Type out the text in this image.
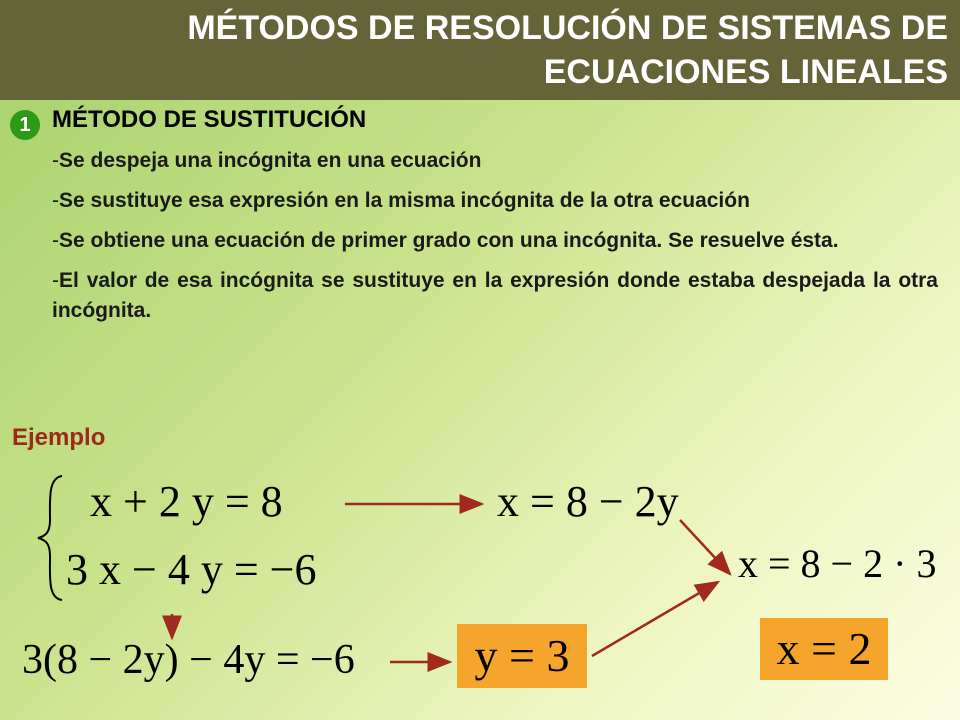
MÉTODOS DE RESOLUCIÓN DE SISTEMAS DE
ECUACIONES LINEALES
1 MÉTODO DE SUSTITUCIÓN

-Se despeja una incógnita en una ecuación

-Se sustituye esa expresión en la misma incógnita de la otra ecuación

-Se obtiene una ecuación de primer grado con una incógnita. Se resuelve ésta.

-El valor de esa incógnita se sustituye en la expresión donde estaba despejada la otra incógnita.

Ejemplo
x + 2 y = 8
3 x − 4 y = −6
x = 8 − 2y
x = 8 − 2 · 3
3(8 − 2y) − 4y = −6	y = 3	x = 2
